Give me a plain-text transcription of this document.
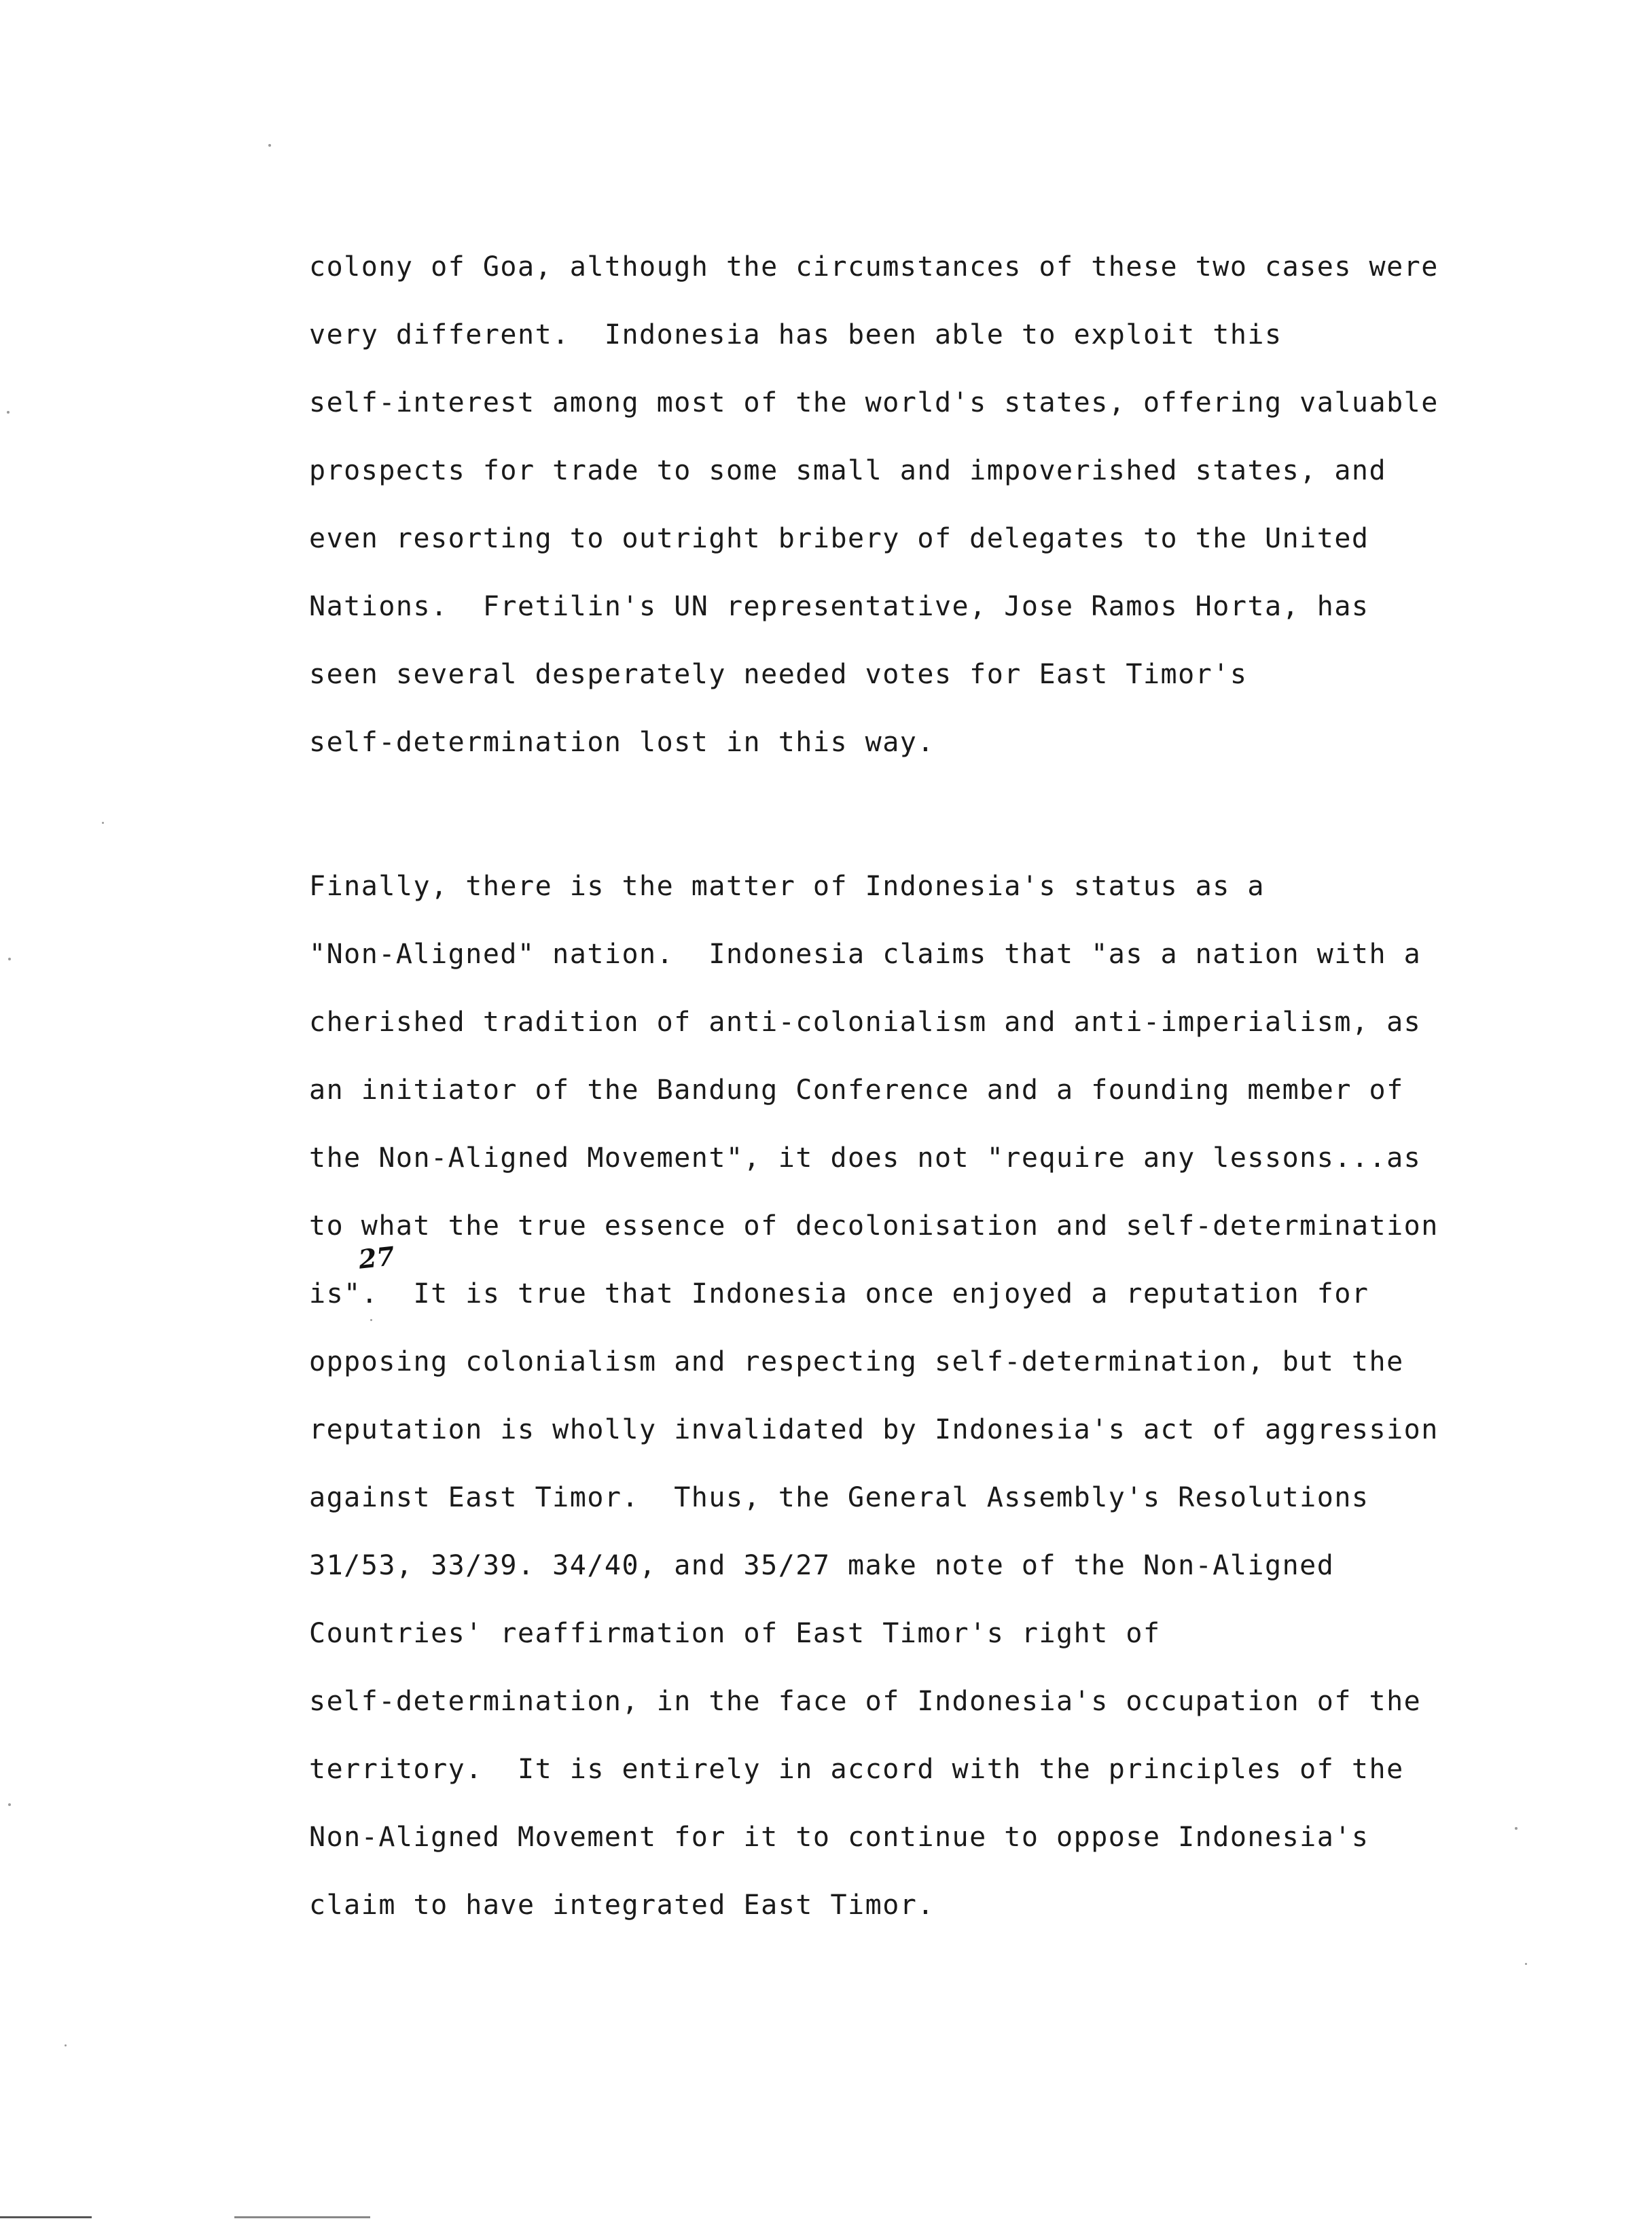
colony of Goa, although the circumstances of these two cases were
very different.  Indonesia has been able to exploit this
self-interest among most of the world's states, offering valuable
prospects for trade to some small and impoverished states, and
even resorting to outright bribery of delegates to the United
Nations.  Fretilin's UN representative, Jose Ramos Horta, has
seen several desperately needed votes for East Timor's
self-determination lost in this way.
Finally, there is the matter of Indonesia's status as a
"Non-Aligned" nation.  Indonesia claims that "as a nation with a
cherished tradition of anti-colonialism and anti-imperialism, as
an initiator of the Bandung Conference and a founding member of
the Non-Aligned Movement", it does not "require any lessons...as
to what the true essence of decolonisation and self-determination
is".  It is true that Indonesia once enjoyed a reputation for
opposing colonialism and respecting self-determination, but the
reputation is wholly invalidated by Indonesia's act of aggression
against East Timor.  Thus, the General Assembly's Resolutions
31/53, 33/39. 34/40, and 35/27 make note of the Non-Aligned
Countries' reaffirmation of East Timor's right of
self-determination, in the face of Indonesia's occupation of the
territory.  It is entirely in accord with the principles of the
Non-Aligned Movement for it to continue to oppose Indonesia's
claim to have integrated East Timor.
27
